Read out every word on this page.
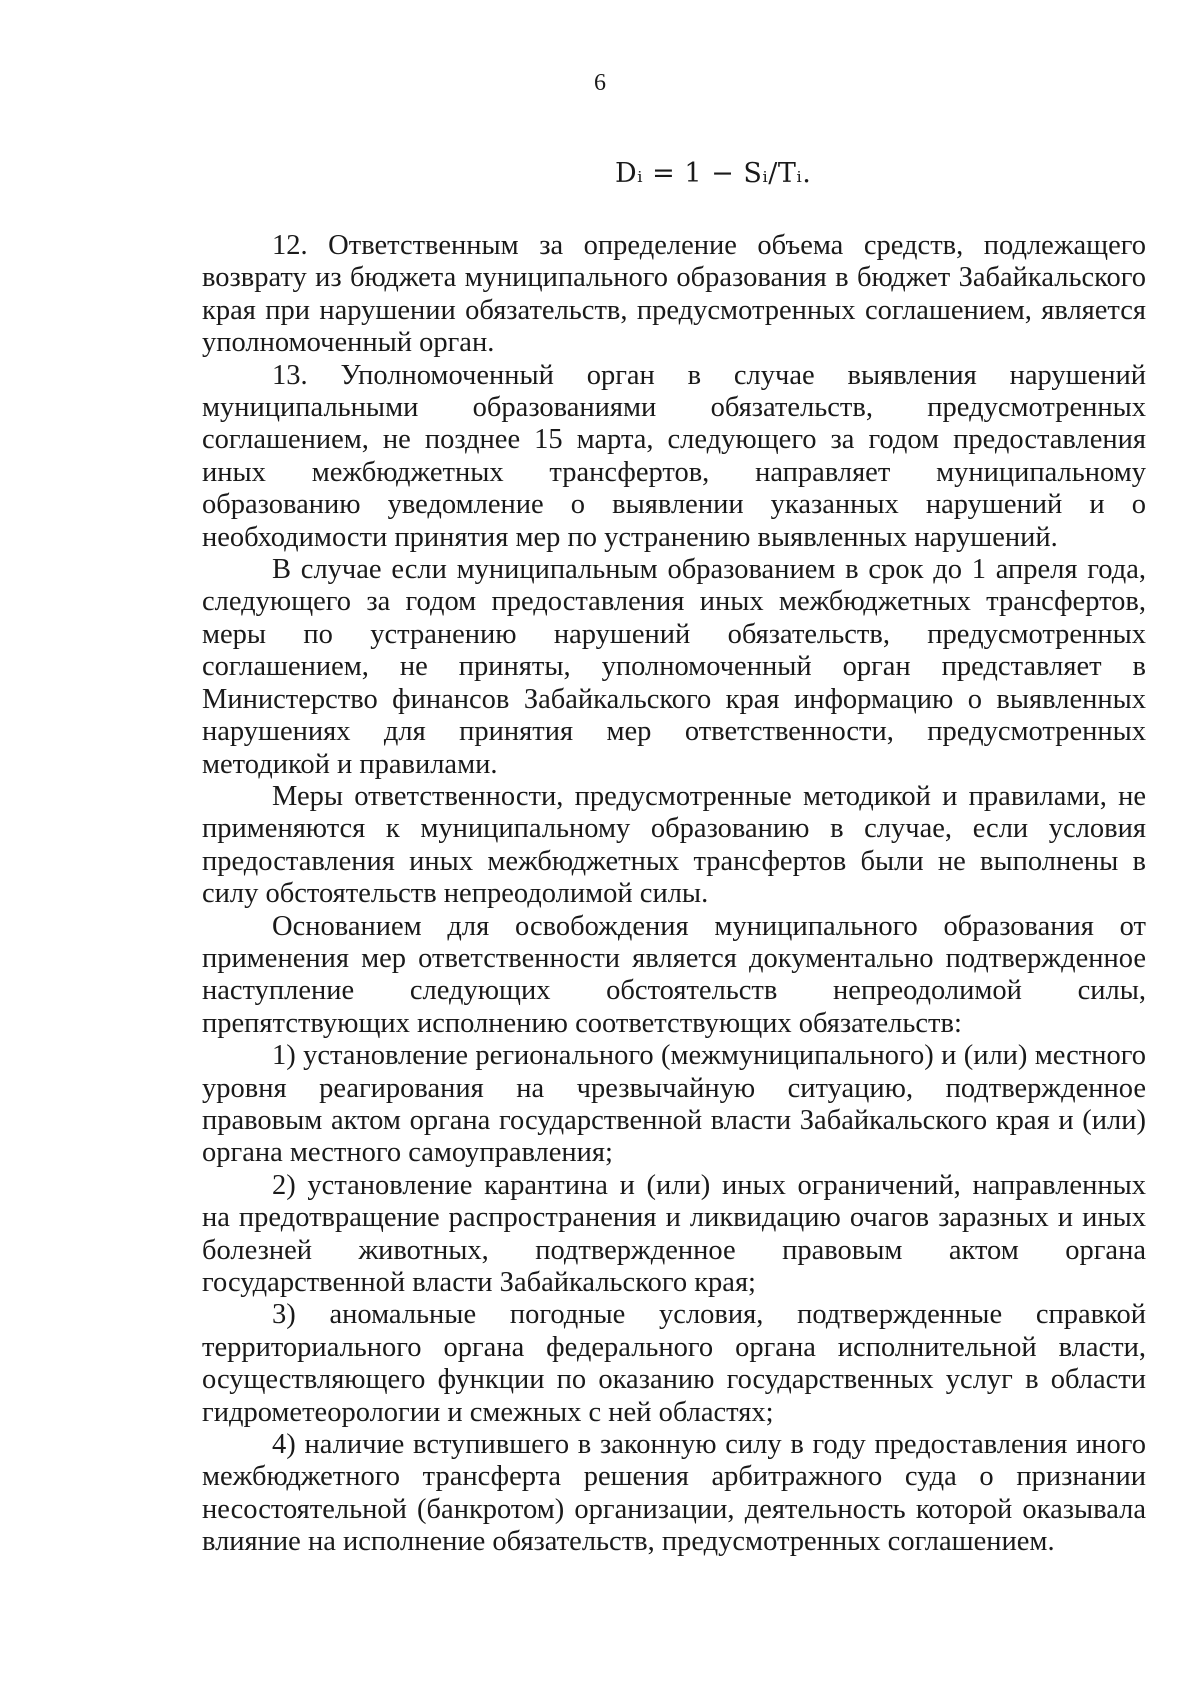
6
Dᵢ = 1 − Sᵢ/Tᵢ.

12. Ответственным за определение объема средств, подлежащего возврату из бюджета муниципального образования в бюджет Забайкальского края при нарушении обязательств, предусмотренных соглашением, является уполномоченный орган.

13. Уполномоченный орган в случае выявления нарушений муниципальными образованиями обязательств, предусмотренных соглашением, не позднее 15 марта, следующего за годом предоставления иных межбюджетных трансфертов, направляет муниципальному образованию уведомление о выявлении указанных нарушений и о необходимости принятия мер по устранению выявленных нарушений.

В случае если муниципальным образованием в срок до 1 апреля года, следующего за годом предоставления иных межбюджетных трансфертов, меры по устранению нарушений обязательств, предусмотренных соглашением, не приняты, уполномоченный орган представляет в Министерство финансов Забайкальского края информацию о выявленных нарушениях для принятия мер ответственности, предусмотренных методикой и правилами.

Меры ответственности, предусмотренные методикой и правилами, не применяются к муниципальному образованию в случае, если условия предоставления иных межбюджетных трансфертов были не выполнены в силу обстоятельств непреодолимой силы.

Основанием для освобождения муниципального образования от применения мер ответственности является документально подтвержденное наступление следующих обстоятельств непреодолимой силы, препятствующих исполнению соответствующих обязательств:

1) установление регионального (межмуниципального) и (или) местного уровня реагирования на чрезвычайную ситуацию, подтвержденное правовым актом органа государственной власти Забайкальского края и (или) органа местного самоуправления;

2) установление карантина и (или) иных ограничений, направленных на предотвращение распространения и ликвидацию очагов заразных и иных болезней животных, подтвержденное правовым актом органа государственной власти Забайкальского края;

3) аномальные погодные условия, подтвержденные справкой территориального органа федерального органа исполнительной власти, осуществляющего функции по оказанию государственных услуг в области гидрометеорологии и смежных с ней областях;

4) наличие вступившего в законную силу в году предоставления иного межбюджетного трансферта решения арбитражного суда о признании несостоятельной (банкротом) организации, деятельность которой оказывала влияние на исполнение обязательств, предусмотренных соглашением.
